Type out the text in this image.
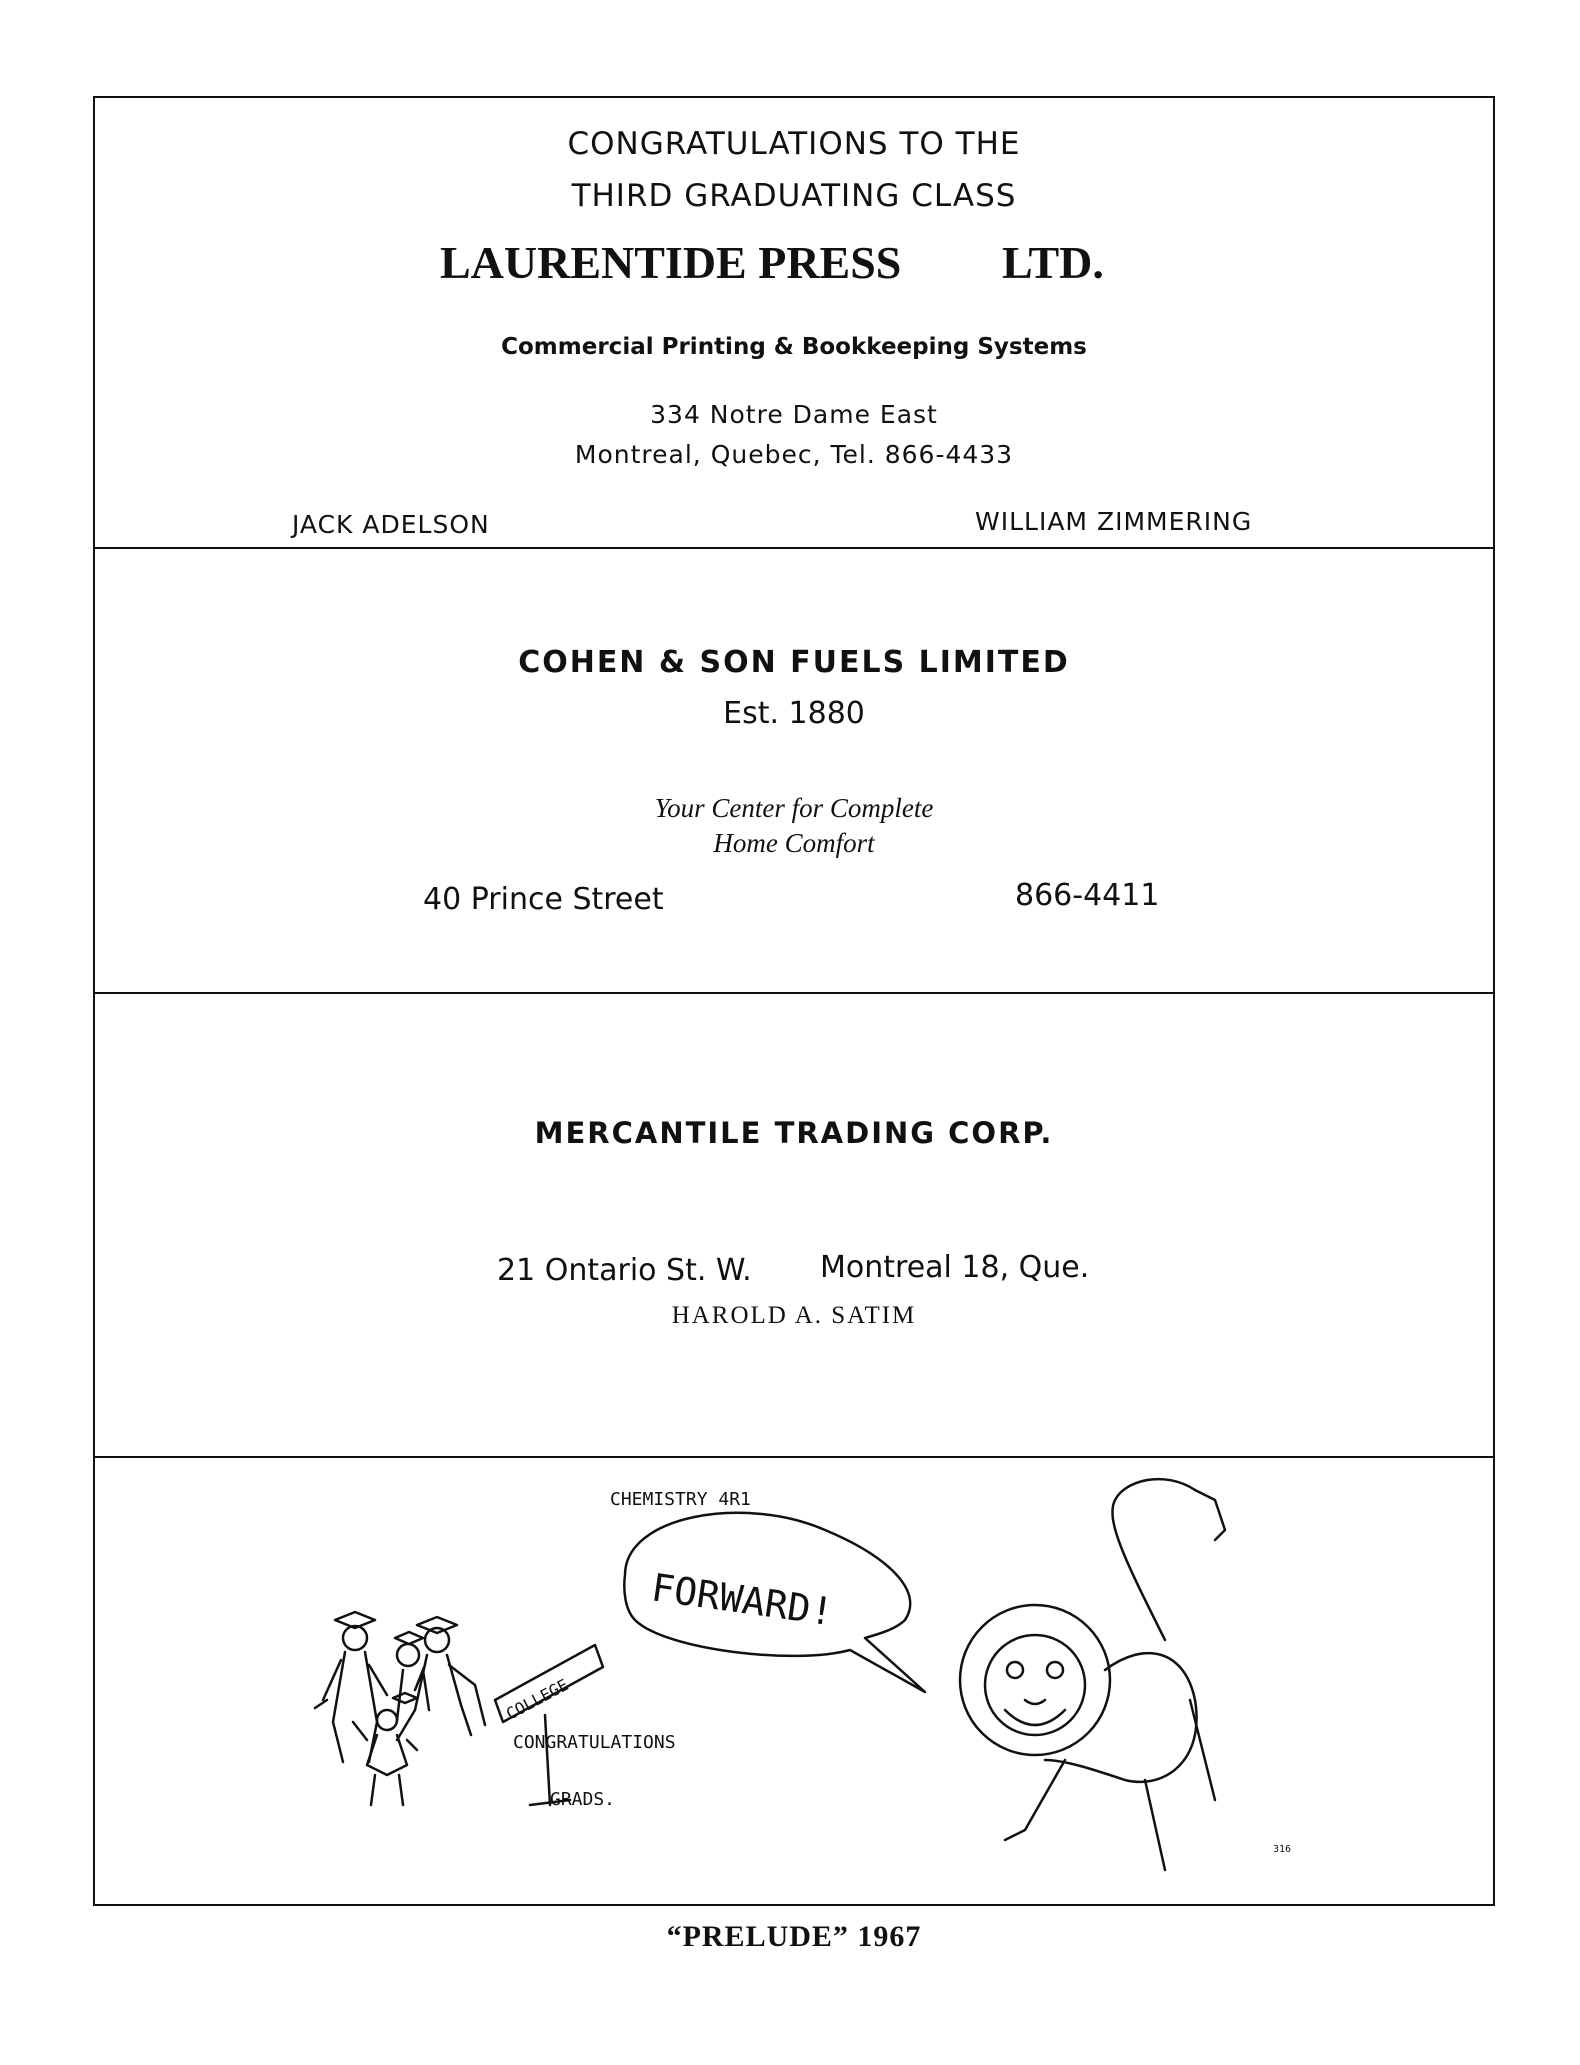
CONGRATULATIONS TO THE
THIRD GRADUATING CLASS
LAURENTIDE PRESS LTD.
Commercial Printing & Bookkeeping Systems
334 Notre Dame East
Montreal, Quebec, Tel. 866-4433
JACK ADELSON	WILLIAM ZIMMERING
COHEN & SON FUELS LIMITED
Est. 1880
Your Center for Complete
Home Comfort
40 Prince Street	866-4411
MERCANTILE TRADING CORP.
21 Ontario St. W. Montreal 18, Que.
HAROLD A. SATIM
CHEMISTRY 4R1
FORWARD!
COLLEGE
CONGRATULATIONS
GRADS.
316
“PRELUDE” 1967
